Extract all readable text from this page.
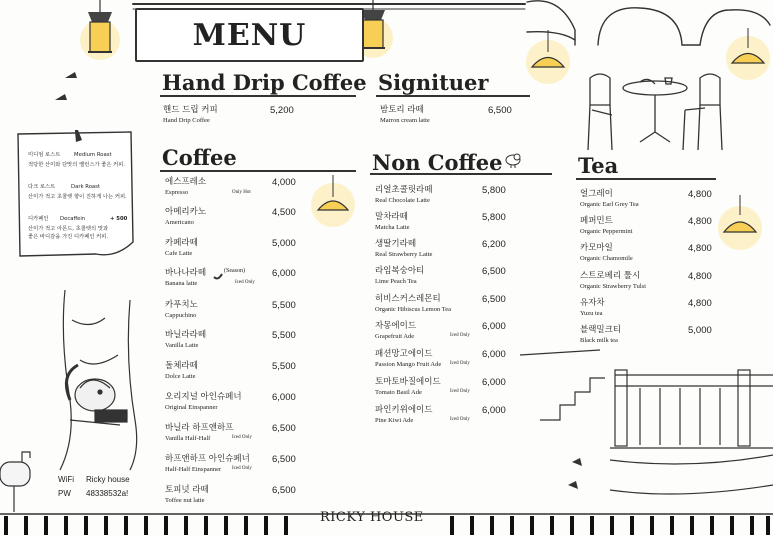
MENU
Hand Drip Coffee
핸드 드립 커피
Hand Drip Coffee
5,200
Signituer
밤토리 라떼
Marron cream latte
6,500
Coffee
에스프레소
Espresso	Only Hot
4,000
아메리카노
Americano
4,500
카페라떼
Cafe Latte
5,000
바나나라떼
Banana latte
(Season)
Iced Only
6,000
카푸치노
Cappuchino
5,500
바닐라라떼
Vanilla Latte
5,500
돌체라떼
Dolce Latte
5,500
오리지널 아인슈페너
Original Einspanner
6,000
바닐라 하프앤하프
Vanilla Half-Half	Iced Only
6,500
하프앤하프 아인슈페너
Half-Half Einspanner	Iced Only
6,500
토피넛 라떼
Toffee nut latte
6,500
Non Coffee
리얼초콜릿라떼
Real Chocolate Latte
5,800
말차라떼
Matcha Latte
5,800
생딸기라떼
Real Strawberry Latte
6,200
라임복숭아티
Lime Peach Tea
6,500
히비스커스레몬티
Organic Hibiscus Lemon Tea
6,500
자몽에이드
Grapefruit Ade	Iced Only
6,000
패션망고에이드
Passion Mango Fruit Ade	Iced Only
6,000
토마토바질에이드
Tomato Basil Ade	Iced Only
6,000
파인키위에이드
Pine Kiwi Ade	Iced Only
6,000
Tea
얼그레이
Organic Earl Grey Tea
4,800
페퍼민트
Organic Peppermint
4,800
카모마일
Organic Chamomile
4,800
스트로베리 툴시
Organic Strawberry Tulsi
4,800
유자차
Yuzu tea
4,800
블랙밀크티
Black milk tea
5,000
미디엄 로스트	Medium Roast
적당한 산미와 단맛의 밸런스가 좋은 커피.
다크 로스트	Dark Roast
산미가 적고 초콜렛 향이 진하게 나는 커피.
디카페인 Decaffein	+ 500
산미가 적고 아몬드, 초콜렛의 맛과
좋은 바디감을 가진 디카페인 커피.
WiFi Ricky house
PW 48338532a!
RICKY HOUSE
